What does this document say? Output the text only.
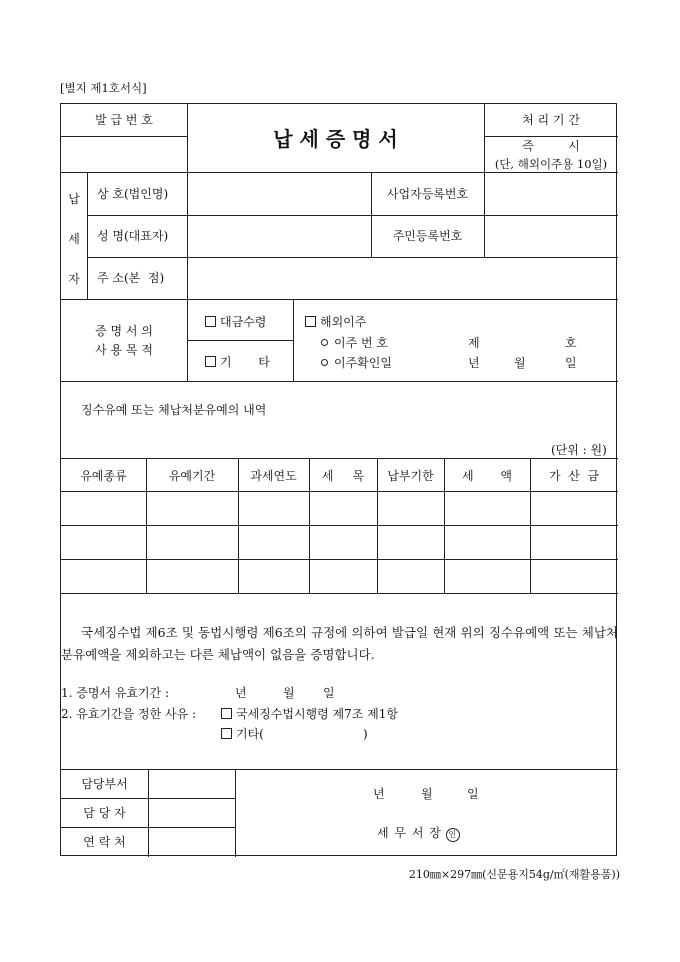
[별지 제1호서식]
발 급 번 호
납 세 증 명 서
처 리 기 간
즉         시
(단, 해외이주용 10일)
납
세
자
상 호(법인명)	사업자등록번호
성 명(대표자)	주민등록번호
주 소(본  점)
증 명 서 의
사 용 목 적
대금수령
기       타
해외이주
이주 번 호	제	호
이주확인일	년	월	일
징수유예 또는 체납처분유예의 내역
(단위 : 원)
유예종류	유예기간	과세연도	세     목	납부기한	세       액	가  산  금
국세징수법 제6조 및 동법시행령 제6조의 규정에 의하여 발급일 현재 위의 징수유예액 또는 체납처분유예액을 제외하고는 다른 체납액이 없음을 증명합니다.
1. 증명서 유효기간 :	년	월 일
2. 유효기간을 정한 사유 :	국세징수법시행령 제7조 제1항
기타(                          )
담당부서
담 당 자
연 락 처
년	월	일
세 무 서 장 인
210㎜×297㎜(신문용지54g/㎡(재활용품))
